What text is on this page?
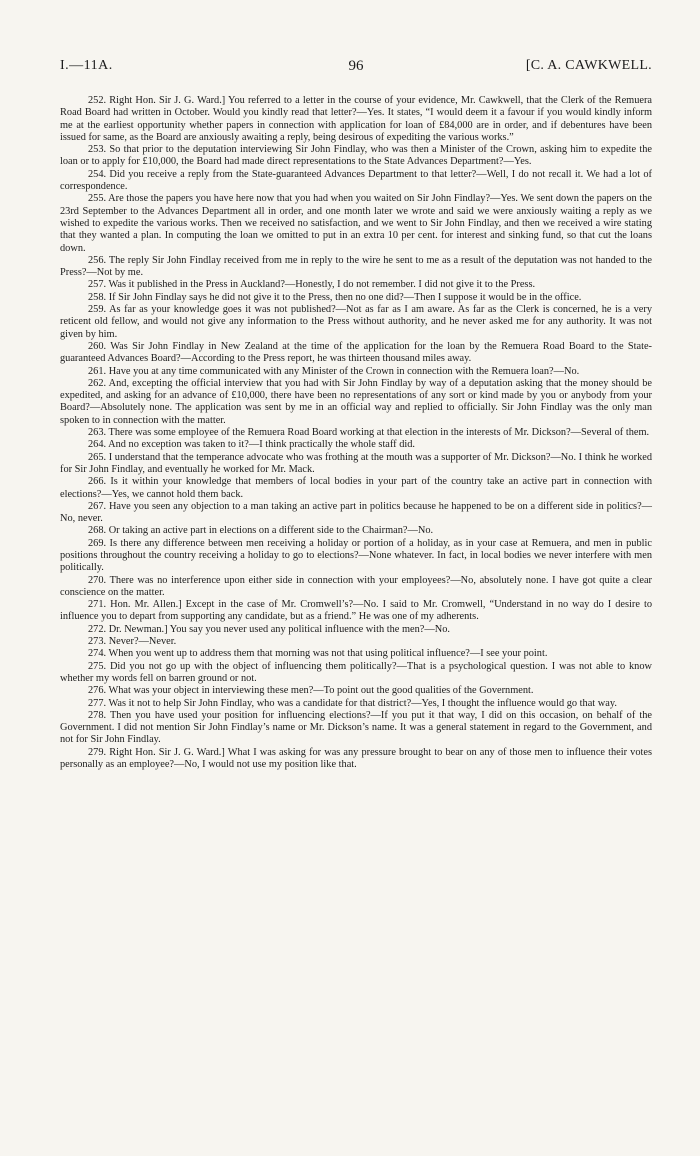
I.—11A.	96	[C. A. CAWKWELL.

252. Right Hon. Sir J. G. Ward.] You referred to a letter in the course of your evidence, Mr. Cawkwell, that the Clerk of the Remuera Road Board had written in October. Would you kindly read that letter?—Yes. It states, “I would deem it a favour if you would kindly inform me at the earliest opportunity whether papers in connection with application for loan of £84,000 are in order, and if debentures have been issued for same, as the Board are anxiously awaiting a reply, being desirous of expediting the various works.”

253. So that prior to the deputation interviewing Sir John Findlay, who was then a Minister of the Crown, asking him to expedite the loan or to apply for £10,000, the Board had made direct representations to the State Advances Department?—Yes.

254. Did you receive a reply from the State-guaranteed Advances Department to that letter?—Well, I do not recall it. We had a lot of correspondence.

255. Are those the papers you have here now that you had when you waited on Sir John Findlay?—Yes. We sent down the papers on the 23rd September to the Advances Department all in order, and one month later we wrote and said we were anxiously waiting a reply as we wished to expedite the various works. Then we received no satisfaction, and we went to Sir John Findlay, and then we received a wire stating that they wanted a plan. In computing the loan we omitted to put in an extra 10 per cent. for interest and sinking fund, so that cut the loans down.

256. The reply Sir John Findlay received from me in reply to the wire he sent to me as a result of the deputation was not handed to the Press?—Not by me.

257. Was it published in the Press in Auckland?—Honestly, I do not remember. I did not give it to the Press.

258. If Sir John Findlay says he did not give it to the Press, then no one did?—Then I suppose it would be in the office.

259. As far as your knowledge goes it was not published?—Not as far as I am aware. As far as the Clerk is concerned, he is a very reticent old fellow, and would not give any information to the Press without authority, and he never asked me for any authority. It was not given by him.

260. Was Sir John Findlay in New Zealand at the time of the application for the loan by the Remuera Road Board to the State-guaranteed Advances Board?—According to the Press report, he was thirteen thousand miles away.

261. Have you at any time communicated with any Minister of the Crown in connection with the Remuera loan?—No.

262. And, excepting the official interview that you had with Sir John Findlay by way of a deputation asking that the money should be expedited, and asking for an advance of £10,000, there have been no representations of any sort or kind made by you or anybody from your Board?—Absolutely none. The application was sent by me in an official way and replied to officially. Sir John Findlay was the only man spoken to in connection with the matter.

263. There was some employee of the Remuera Road Board working at that election in the interests of Mr. Dickson?—Several of them.

264. And no exception was taken to it?—I think practically the whole staff did.

265. I understand that the temperance advocate who was frothing at the mouth was a supporter of Mr. Dickson?—No. I think he worked for Sir John Findlay, and eventually he worked for Mr. Mack.

266. Is it within your knowledge that members of local bodies in your part of the country take an active part in connection with elections?—Yes, we cannot hold them back.

267. Have you seen any objection to a man taking an active part in politics because he happened to be on a different side in politics?—No, never.

268. Or taking an active part in elections on a different side to the Chairman?—No.

269. Is there any difference between men receiving a holiday or portion of a holiday, as in your case at Remuera, and men in public positions throughout the country receiving a holiday to go to elections?—None whatever. In fact, in local bodies we never interfere with men politically.

270. There was no interference upon either side in connection with your employees?—No, absolutely none. I have got quite a clear conscience on the matter.

271. Hon. Mr. Allen.] Except in the case of Mr. Cromwell’s?—No. I said to Mr. Cromwell, “Understand in no way do I desire to influence you to depart from supporting any candidate, but as a friend.” He was one of my adherents.

272. Dr. Newman.] You say you never used any political influence with the men?—No.

273. Never?—Never.

274. When you went up to address them that morning was not that using political influence?—I see your point.

275. Did you not go up with the object of influencing them politically?—That is a psychological question. I was not able to know whether my words fell on barren ground or not.

276. What was your object in interviewing these men?—To point out the good qualities of the Government.

277. Was it not to help Sir John Findlay, who was a candidate for that district?—Yes, I thought the influence would go that way.

278. Then you have used your position for influencing elections?—If you put it that way, I did on this occasion, on behalf of the Government. I did not mention Sir John Findlay’s name or Mr. Dickson’s name. It was a general statement in regard to the Government, and not for Sir John Findlay.

279. Right Hon. Sir J. G. Ward.] What I was asking for was any pressure brought to bear on any of those men to influence their votes personally as an employee?—No, I would not use my position like that.
